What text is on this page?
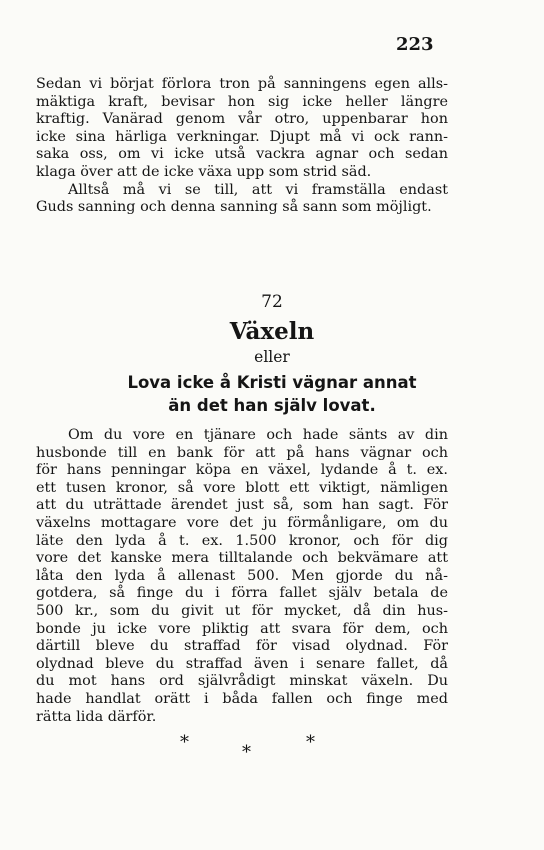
223

Sedan vi börjat förlora tron på sanningens egen alls-
mäktiga kraft, bevisar hon sig icke heller längre
kraftig. Vanärad genom vår otro, uppenbarar hon
icke sina härliga verkningar. Djupt må vi ock rann-
saka oss, om vi icke utså vackra agnar och sedan
klaga över att de icke växa upp som strid säd.
Alltså må vi se till, att vi framställa endast
Guds sanning och denna sanning så sann som möjligt.

72

Växeln

eller

Lova icke å Kristi vägnar annat
än det han själv lovat.
Om du vore en tjänare och hade sänts av din
husbonde till en bank för att på hans vägnar och
för hans penningar köpa en växel, lydande å t. ex.
ett tusen kronor, så vore blott ett viktigt, nämligen
att du uträttade ärendet just så, som han sagt. För
växelns mottagare vore det ju förmånligare, om du
läte den lyda å t. ex. 1.500 kronor, och för dig
vore det kanske mera tilltalande och bekvämare att
låta den lyda å allenast 500. Men gjorde du nå-
gotdera, så finge du i förra fallet själv betala de
500 kr., som du givit ut för mycket, då din hus-
bonde ju icke vore pliktig att svara för dem, och
därtill bleve du straffad för visad olydnad. För
olydnad bleve du straffad även i senare fallet, då
du mot hans ord självrådigt minskat växeln. Du
hade handlat orätt i båda fallen och finge med
rätta lida därför.
*	*	*
